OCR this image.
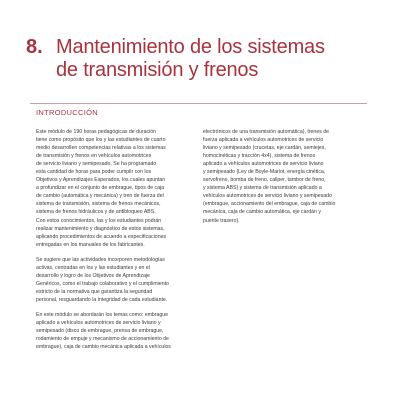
8. Mantenimiento de los sistemas
de transmisión y frenos
INTRODUCCIÓN
Este módulo de 190 horas pedagógicas de duración
tiene como propósito que los y las estudiantes de cuarto
medio desarrollen competencias relativas a los sistemas
de transmisión y frenos en vehículos automotrices
de servicio liviano y semipesado. Se ha programado
esta cantidad de horas para poder cumplir con los
Objetivos y Aprendizajes Esperados, los cuales apuntan
a profundizar en el conjunto de embrague, tipos de caja
de cambio (automática y mecánica) y tren de fuerza del
sistema de transmisión, sistema de frenos mecánicos,
sistema de frenos hidráulicos y de antibloqueo ABS.
Con estos conocimientos, las y los estudiantes podrán
realizar mantenimiento y diagnóstico de estos sistemas,
aplicando procedimientos de acuerdo a especificaciones
entregadas en los manuales de los fabricantes.
Se sugiere que las actividades incorporen metodologías
activas, centradas en los y las estudiantes y en el
desarrollo y logro de los Objetivos de Aprendizaje
Genéricos, como el trabajo colaborativo y el cumplimiento
estricto de la normativa que garantiza la seguridad
personal, resguardando la integridad de cada estudiante.
En este módulo se abordarán los temas como: embrague
aplicado a vehículos automotrices de servicio liviano y
semipesado (disco de embrague, prensa de embrague,
rodamiento de empuje y mecanismo de accionamiento de
embrague), caja de cambio mecánica aplicada a vehículos
electrónicos de una transmisión automática), trenes de
fuerza aplicada a vehículos automotrices de servicio
liviano y semipesado (crucetas, eje cardán, semiejes,
homocinéticas y tracción 4x4), sistema de frenos
aplicado a vehículos automotrices de servicio liviano
y semipesado (Ley de Boyle-Mariot, energía cinética,
servofreno, bomba de freno, caliper, tambor de freno,
y sistema ABS) y sistema de transmisión aplicado a
vehículos automotrices de servicio liviano y semipesado
(embrague, accionamiento del embrague, caja de cambio
mecánica, caja de cambio automática, eje cardán y
puente trasero).
